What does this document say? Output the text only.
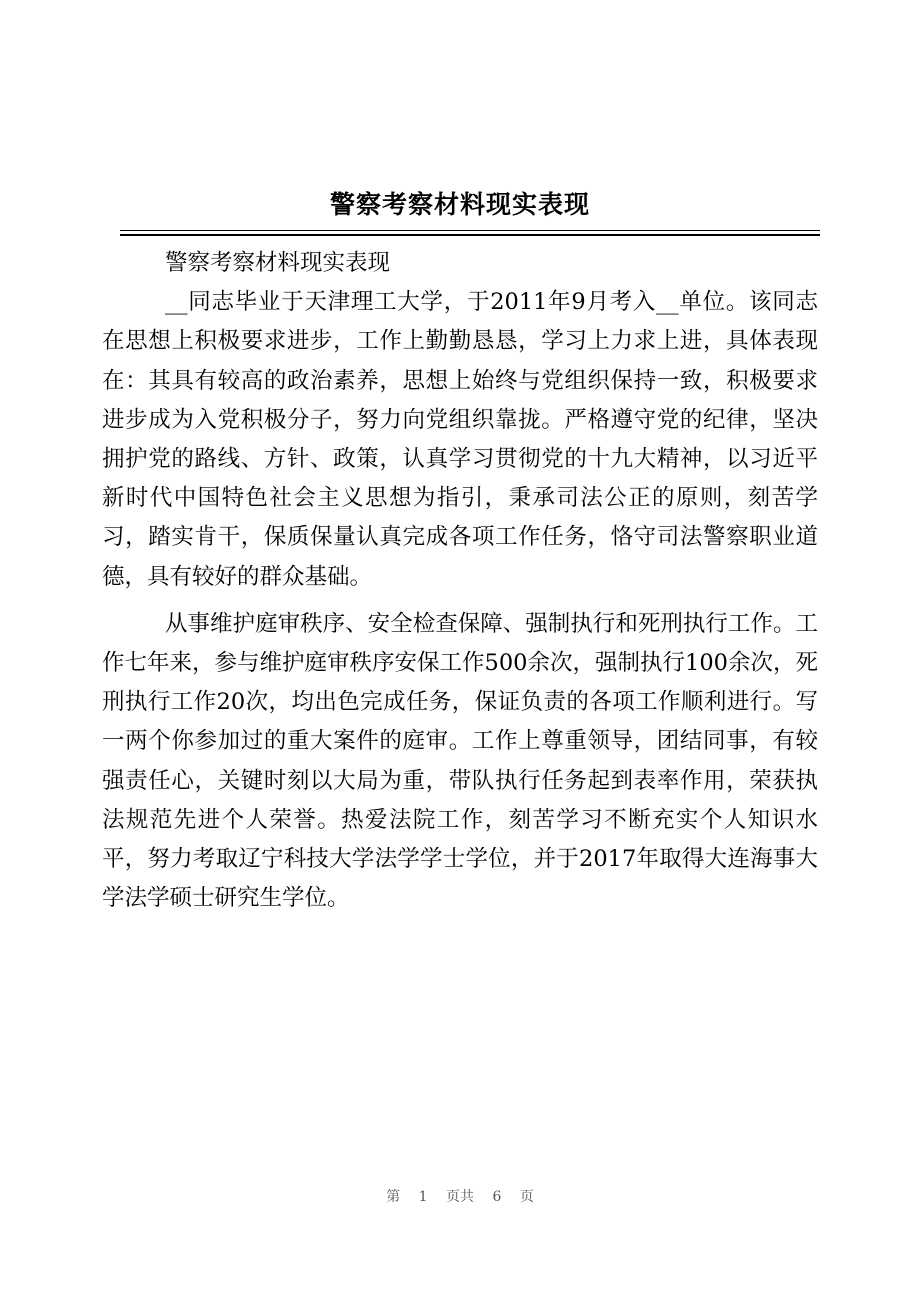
警察考察材料现实表现

警察考察材料现实表现

__同志毕业于天津理工大学，于2011年9月考入__单位。该同志在思想上积极要求进步，工作上勤勤恳恳，学习上力求上进，具体表现在：其具有较高的政治素养，思想上始终与党组织保持一致，积极要求进步成为入党积极分子，努力向党组织靠拢。严格遵守党的纪律，坚决拥护党的路线、方针、政策，认真学习贯彻党的十九大精神，以习近平新时代中国特色社会主义思想为指引，秉承司法公正的原则，刻苦学习，踏实肯干，保质保量认真完成各项工作任务，恪守司法警察职业道德，具有较好的群众基础。

从事维护庭审秩序、安全检查保障、强制执行和死刑执行工作。工作七年来，参与维护庭审秩序安保工作500余次，强制执行100余次，死刑执行工作20次，均出色完成任务，保证负责的各项工作顺利进行。写一两个你参加过的重大案件的庭审。工作上尊重领导，团结同事，有较强责任心，关键时刻以大局为重，带队执行任务起到表率作用，荣获执法规范先进个人荣誉。热爱法院工作，刻苦学习不断充实个人知识水平，努力考取辽宁科技大学法学学士学位，并于2017年取得大连海事大学法学硕士研究生学位。

第 1 页共 6 页
